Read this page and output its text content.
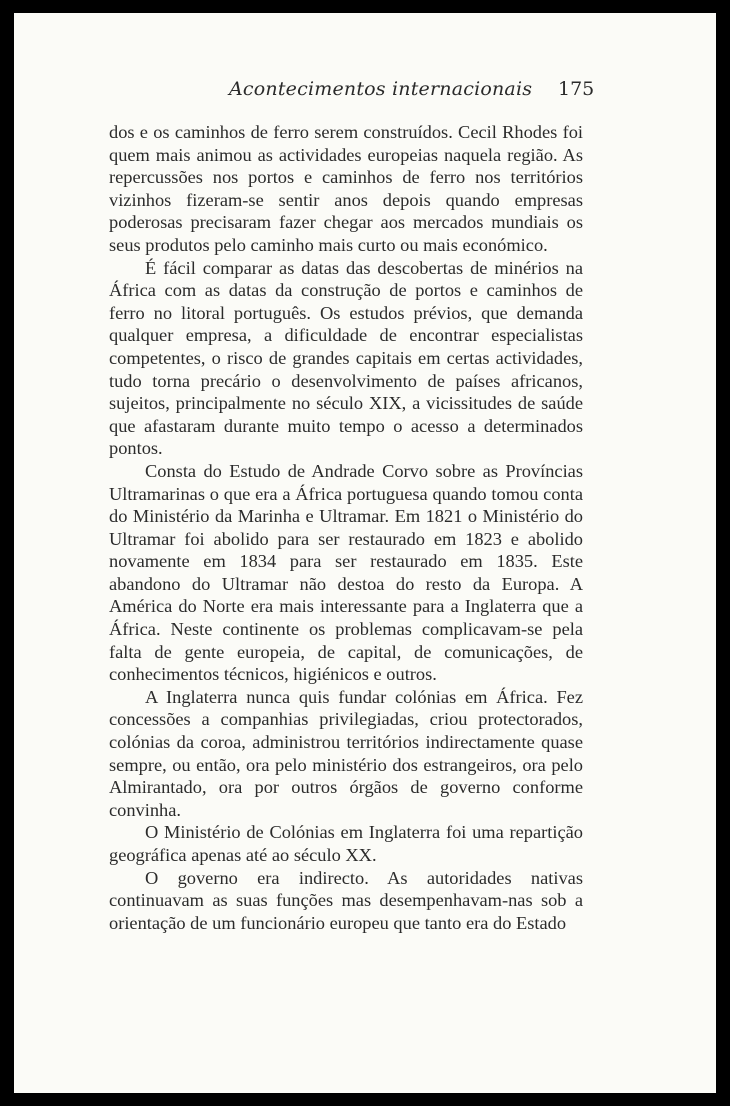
Acontecimentos internacionais 175

dos e os caminhos de ferro serem construídos. Cecil Rhodes foi quem mais animou as actividades europeias naquela região. As repercussões nos portos e caminhos de ferro nos territórios vizinhos fizeram-se sentir anos depois quando empresas poderosas precisaram fazer chegar aos mercados mundiais os seus produtos pelo caminho mais curto ou mais económico.

É fácil comparar as datas das descobertas de minérios na África com as datas da construção de portos e caminhos de ferro no litoral português. Os estudos prévios, que demanda qualquer empresa, a dificuldade de encontrar especialistas competentes, o risco de grandes capitais em certas actividades, tudo torna precário o desenvolvimento de países africanos, sujeitos, principalmente no século XIX, a vicissitudes de saúde que afastaram durante muito tempo o acesso a determinados pontos.

Consta do Estudo de Andrade Corvo sobre as Províncias Ultramarinas o que era a África portuguesa quando tomou conta do Ministério da Marinha e Ultramar. Em 1821 o Ministério do Ultramar foi abolido para ser restaurado em 1823 e abolido novamente em 1834 para ser restaurado em 1835. Este abandono do Ultramar não destoa do resto da Europa. A América do Norte era mais interessante para a Inglaterra que a África. Neste continente os problemas complicavam-se pela falta de gente europeia, de capital, de comunicações, de conhecimentos técnicos, higiénicos e outros.

A Inglaterra nunca quis fundar colónias em África. Fez concessões a companhias privilegiadas, criou protectorados, colónias da coroa, administrou territórios indirectamente quase sempre, ou então, ora pelo ministério dos estrangeiros, ora pelo Almirantado, ora por outros órgãos de governo conforme convinha.

O Ministério de Colónias em Inglaterra foi uma repartição geográfica apenas até ao século XX.

O governo era indirecto. As autoridades nativas continuavam as suas funções mas desempenhavam-nas sob a orientação de um funcionário europeu que tanto era do Estado
